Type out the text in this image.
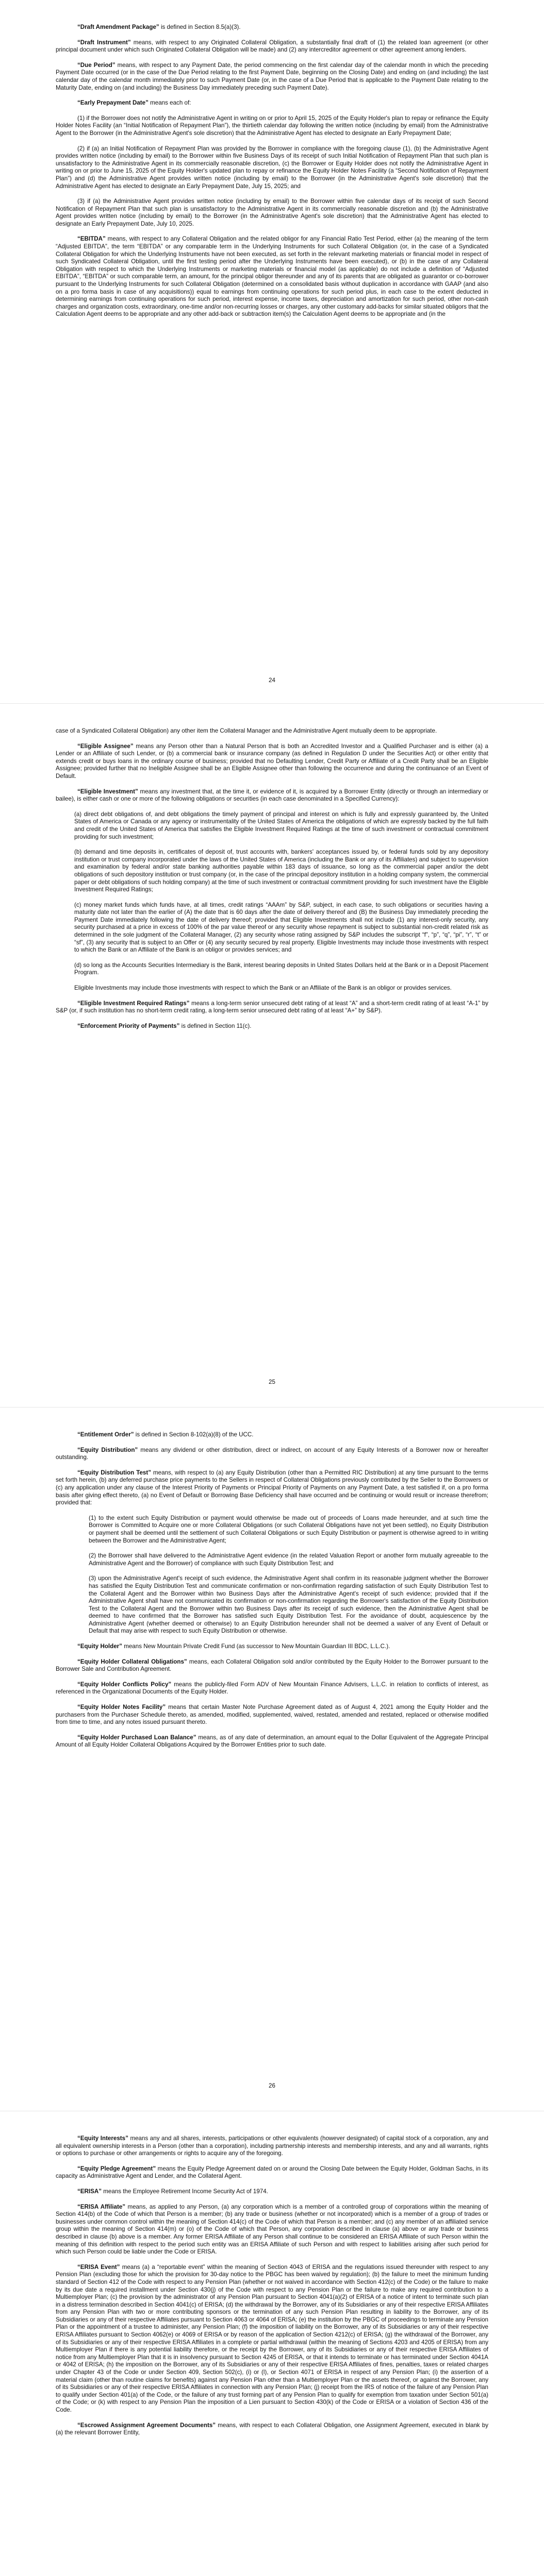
“Draft Amendment Package” is defined in Section 8.5(a)(3).

“Draft Instrument” means, with respect to any Originated Collateral Obligation, a substantially final draft of (1) the related loan agreement (or other principal document under which such Originated Collateral Obligation will be made) and (2) any intercreditor agreement or other agreement among lenders.

“Due Period” means, with respect to any Payment Date, the period commencing on the first calendar day of the calendar month in which the preceding Payment Date occurred (or in the case of the Due Period relating to the first Payment Date, beginning on the Closing Date) and ending on (and including) the last calendar day of the calendar month immediately prior to such Payment Date (or, in the case of a Due Period that is applicable to the Payment Date relating to the Maturity Date, ending on (and including) the Business Day immediately preceding such Payment Date).

“Early Prepayment Date” means each of:

(1) if the Borrower does not notify the Administrative Agent in writing on or prior to April 15, 2025 of the Equity Holder's plan to repay or refinance the Equity Holder Notes Facility (an “Initial Notification of Repayment Plan”), the thirtieth calendar day following the written notice (including by email) from the Administrative Agent to the Borrower (in the Administrative Agent's sole discretion) that the Administrative Agent has elected to designate an Early Prepayment Date;

(2) if (a) an Initial Notification of Repayment Plan was provided by the Borrower in compliance with the foregoing clause (1), (b) the Administrative Agent provides written notice (including by email) to the Borrower within five Business Days of its receipt of such Initial Notification of Repayment Plan that such plan is unsatisfactory to the Administrative Agent in its commercially reasonable discretion, (c) the Borrower or Equity Holder does not notify the Administrative Agent in writing on or prior to June 15, 2025 of the Equity Holder's updated plan to repay or refinance the Equity Holder Notes Facility (a “Second Notification of Repayment Plan”) and (d) the Administrative Agent provides written notice (including by email) to the Borrower (in the Administrative Agent's sole discretion) that the Administrative Agent has elected to designate an Early Prepayment Date, July 15, 2025; and

(3) if (a) the Administrative Agent provides written notice (including by email) to the Borrower within five calendar days of its receipt of such Second Notification of Repayment Plan that such plan is unsatisfactory to the Administrative Agent in its commercially reasonable discretion and (b) the Administrative Agent provides written notice (including by email) to the Borrower (in the Administrative Agent's sole discretion) that the Administrative Agent has elected to designate an Early Prepayment Date, July 10, 2025.

“EBITDA” means, with respect to any Collateral Obligation and the related obligor for any Financial Ratio Test Period, either (a) the meaning of the term “Adjusted EBITDA”, the term “EBITDA” or any comparable term in the Underlying Instruments for such Collateral Obligation (or, in the case of a Syndicated Collateral Obligation for which the Underlying Instruments have not been executed, as set forth in the relevant marketing materials or financial model in respect of such Syndicated Collateral Obligation, until the first testing period after the Underlying Instruments have been executed), or (b) in the case of any Collateral Obligation with respect to which the Underlying Instruments or marketing materials or financial model (as applicable) do not include a definition of “Adjusted EBITDA”, “EBITDA” or such comparable term, an amount, for the principal obligor thereunder and any of its parents that are obligated as guarantor or co-borrower pursuant to the Underlying Instruments for such Collateral Obligation (determined on a consolidated basis without duplication in accordance with GAAP (and also on a pro forma basis in case of any acquisitions)) equal to earnings from continuing operations for such period plus, in each case to the extent deducted in determining earnings from continuing operations for such period, interest expense, income taxes, depreciation and amortization for such period, other non-cash charges and organization costs, extraordinary, one-time and/or non-recurring losses or charges, any other customary add-backs for similar situated obligors that the Calculation Agent deems to be appropriate and any other add-back or subtraction item(s) the Calculation Agent deems to be appropriate and (in the

24

case of a Syndicated Collateral Obligation) any other item the Collateral Manager and the Administrative Agent mutually deem to be appropriate.

“Eligible Assignee” means any Person other than a Natural Person that is both an Accredited Investor and a Qualified Purchaser and is either (a) a Lender or an Affiliate of such Lender, or (b) a commercial bank or insurance company (as defined in Regulation D under the Securities Act) or other entity that extends credit or buys loans in the ordinary course of business; provided that no Defaulting Lender, Credit Party or Affiliate of a Credit Party shall be an Eligible Assignee; provided further that no Ineligible Assignee shall be an Eligible Assignee other than following the occurrence and during the continuance of an Event of Default.

“Eligible Investment” means any investment that, at the time it, or evidence of it, is acquired by a Borrower Entity (directly or through an intermediary or bailee), is either cash or one or more of the following obligations or securities (in each case denominated in a Specified Currency):

(a) direct debt obligations of, and debt obligations the timely payment of principal and interest on which is fully and expressly guaranteed by, the United States of America or Canada or any agency or instrumentality of the United States of America the obligations of which are expressly backed by the full faith and credit of the United States of America that satisfies the Eligible Investment Required Ratings at the time of such investment or contractual commitment providing for such investment;

(b) demand and time deposits in, certificates of deposit of, trust accounts with, bankers' acceptances issued by, or federal funds sold by any depository institution or trust company incorporated under the laws of the United States of America (including the Bank or any of its Affiliates) and subject to supervision and examination by federal and/or state banking authorities payable within 183 days of issuance, so long as the commercial paper and/or the debt obligations of such depository institution or trust company (or, in the case of the principal depository institution in a holding company system, the commercial paper or debt obligations of such holding company) at the time of such investment or contractual commitment providing for such investment have the Eligible Investment Required Ratings;

(c) money market funds which funds have, at all times, credit ratings “AAAm” by S&P, subject, in each case, to such obligations or securities having a maturity date not later than the earlier of (A) the date that is 60 days after the date of delivery thereof and (B) the Business Day immediately preceding the Payment Date immediately following the date of delivery thereof; provided that Eligible Investments shall not include (1) any interest-only security, any security purchased at a price in excess of 100% of the par value thereof or any security whose repayment is subject to substantial non-credit related risk as determined in the sole judgment of the Collateral Manager, (2) any security whose rating assigned by S&P includes the subscript “f”, “p”, “q”, “pi”, “r”, “t” or “sf”, (3) any security that is subject to an Offer or (4) any security secured by real property. Eligible Investments may include those investments with respect to which the Bank or an Affiliate of the Bank is an obligor or provides services; and

(d) so long as the Accounts Securities Intermediary is the Bank, interest bearing deposits in United States Dollars held at the Bank or in a Deposit Placement Program.

Eligible Investments may include those investments with respect to which the Bank or an Affiliate of the Bank is an obligor or provides services.

“Eligible Investment Required Ratings” means a long-term senior unsecured debt rating of at least “A” and a short-term credit rating of at least “A-1” by S&P (or, if such institution has no short-term credit rating, a long-term senior unsecured debt rating of at least “A+” by S&P).

“Enforcement Priority of Payments” is defined in Section 11(c).

25

“Entitlement Order” is defined in Section 8-102(a)(8) of the UCC.

“Equity Distribution” means any dividend or other distribution, direct or indirect, on account of any Equity Interests of a Borrower now or hereafter outstanding.

“Equity Distribution Test” means, with respect to (a) any Equity Distribution (other than a Permitted RIC Distribution) at any time pursuant to the terms set forth herein, (b) any deferred purchase price payments to the Sellers in respect of Collateral Obligations previously contributed by the Seller to the Borrowers or (c) any application under any clause of the Interest Priority of Payments or Principal Priority of Payments on any Payment Date, a test satisfied if, on a pro forma basis after giving effect thereto, (a) no Event of Default or Borrowing Base Deficiency shall have occurred and be continuing or would result or increase therefrom; provided that:

(1) to the extent such Equity Distribution or payment would otherwise be made out of proceeds of Loans made hereunder, and at such time the Borrower is Committed to Acquire one or more Collateral Obligations (or such Collateral Obligations have not yet been settled), no Equity Distribution or payment shall be deemed until the settlement of such Collateral Obligations or such Equity Distribution or payment is otherwise agreed to in writing between the Borrower and the Administrative Agent;

(2) the Borrower shall have delivered to the Administrative Agent evidence (in the related Valuation Report or another form mutually agreeable to the Administrative Agent and the Borrower) of compliance with such Equity Distribution Test; and

(3) upon the Administrative Agent's receipt of such evidence, the Administrative Agent shall confirm in its reasonable judgment whether the Borrower has satisfied the Equity Distribution Test and communicate confirmation or non-confirmation regarding satisfaction of such Equity Distribution Test to the Collateral Agent and the Borrower within two Business Days after the Administrative Agent's receipt of such evidence; provided that if the Administrative Agent shall have not communicated its confirmation or non-confirmation regarding the Borrower's satisfaction of the Equity Distribution Test to the Collateral Agent and the Borrower within two Business Days after its receipt of such evidence, then the Administrative Agent shall be deemed to have confirmed that the Borrower has satisfied such Equity Distribution Test. For the avoidance of doubt, acquiescence by the Administrative Agent (whether deemed or otherwise) to an Equity Distribution hereunder shall not be deemed a waiver of any Event of Default or Default that may arise with respect to such Equity Distribution or otherwise.

“Equity Holder” means New Mountain Private Credit Fund (as successor to New Mountain Guardian III BDC, L.L.C.).

“Equity Holder Collateral Obligations” means, each Collateral Obligation sold and/or contributed by the Equity Holder to the Borrower pursuant to the Borrower Sale and Contribution Agreement.

“Equity Holder Conflicts Policy” means the publicly-filed Form ADV of New Mountain Finance Advisers, L.L.C. in relation to conflicts of interest, as referenced in the Organizational Documents of the Equity Holder.

“Equity Holder Notes Facility” means that certain Master Note Purchase Agreement dated as of August 4, 2021 among the Equity Holder and the purchasers from the Purchaser Schedule thereto, as amended, modified, supplemented, waived, restated, amended and restated, replaced or otherwise modified from time to time, and any notes issued pursuant thereto.

“Equity Holder Purchased Loan Balance” means, as of any date of determination, an amount equal to the Dollar Equivalent of the Aggregate Principal Amount of all Equity Holder Collateral Obligations Acquired by the Borrower Entities prior to such date.

26

“Equity Interests” means any and all shares, interests, participations or other equivalents (however designated) of capital stock of a corporation, any and all equivalent ownership interests in a Person (other than a corporation), including partnership interests and membership interests, and any and all warrants, rights or options to purchase or other arrangements or rights to acquire any of the foregoing.

“Equity Pledge Agreement” means the Equity Pledge Agreement dated on or around the Closing Date between the Equity Holder, Goldman Sachs, in its capacity as Administrative Agent and Lender, and the Collateral Agent.

“ERISA” means the Employee Retirement Income Security Act of 1974.

“ERISA Affiliate” means, as applied to any Person, (a) any corporation which is a member of a controlled group of corporations within the meaning of Section 414(b) of the Code of which that Person is a member; (b) any trade or business (whether or not incorporated) which is a member of a group of trades or businesses under common control within the meaning of Section 414(c) of the Code of which that Person is a member; and (c) any member of an affiliated service group within the meaning of Section 414(m) or (o) of the Code of which that Person, any corporation described in clause (a) above or any trade or business described in clause (b) above is a member. Any former ERISA Affiliate of any Person shall continue to be considered an ERISA Affiliate of such Person within the meaning of this definition with respect to the period such entity was an ERISA Affiliate of such Person and with respect to liabilities arising after such period for which such Person could be liable under the Code or ERISA.

“ERISA Event” means (a) a “reportable event” within the meaning of Section 4043 of ERISA and the regulations issued thereunder with respect to any Pension Plan (excluding those for which the provision for 30-day notice to the PBGC has been waived by regulation); (b) the failure to meet the minimum funding standard of Section 412 of the Code with respect to any Pension Plan (whether or not waived in accordance with Section 412(c) of the Code) or the failure to make by its due date a required installment under Section 430(j) of the Code with respect to any Pension Plan or the failure to make any required contribution to a Multiemployer Plan; (c) the provision by the administrator of any Pension Plan pursuant to Section 4041(a)(2) of ERISA of a notice of intent to terminate such plan in a distress termination described in Section 4041(c) of ERISA; (d) the withdrawal by the Borrower, any of its Subsidiaries or any of their respective ERISA Affiliates from any Pension Plan with two or more contributing sponsors or the termination of any such Pension Plan resulting in liability to the Borrower, any of its Subsidiaries or any of their respective Affiliates pursuant to Section 4063 or 4064 of ERISA; (e) the institution by the PBGC of proceedings to terminate any Pension Plan or the appointment of a trustee to administer, any Pension Plan; (f) the imposition of liability on the Borrower, any of its Subsidiaries or any of their respective ERISA Affiliates pursuant to Section 4062(e) or 4069 of ERISA or by reason of the application of Section 4212(c) of ERISA; (g) the withdrawal of the Borrower, any of its Subsidiaries or any of their respective ERISA Affiliates in a complete or partial withdrawal (within the meaning of Sections 4203 and 4205 of ERISA) from any Multiemployer Plan if there is any potential liability therefore, or the receipt by the Borrower, any of its Subsidiaries or any of their respective ERISA Affiliates of notice from any Multiemployer Plan that it is in insolvency pursuant to Section 4245 of ERISA, or that it intends to terminate or has terminated under Section 4041A or 4042 of ERISA; (h) the imposition on the Borrower, any of its Subsidiaries or any of their respective ERISA Affiliates of fines, penalties, taxes or related charges under Chapter 43 of the Code or under Section 409, Section 502(c), (i) or (l), or Section 4071 of ERISA in respect of any Pension Plan; (i) the assertion of a material claim (other than routine claims for benefits) against any Pension Plan other than a Multiemployer Plan or the assets thereof, or against the Borrower, any of its Subsidiaries or any of their respective ERISA Affiliates in connection with any Pension Plan; (j) receipt from the IRS of notice of the failure of any Pension Plan to qualify under Section 401(a) of the Code, or the failure of any trust forming part of any Pension Plan to qualify for exemption from taxation under Section 501(a) of the Code; or (k) with respect to any Pension Plan the imposition of a Lien pursuant to Section 430(k) of the Code or ERISA or a violation of Section 436 of the Code.

“Escrowed Assignment Agreement Documents” means, with respect to each Collateral Obligation, one Assignment Agreement, executed in blank by (a) the relevant Borrower Entity,
